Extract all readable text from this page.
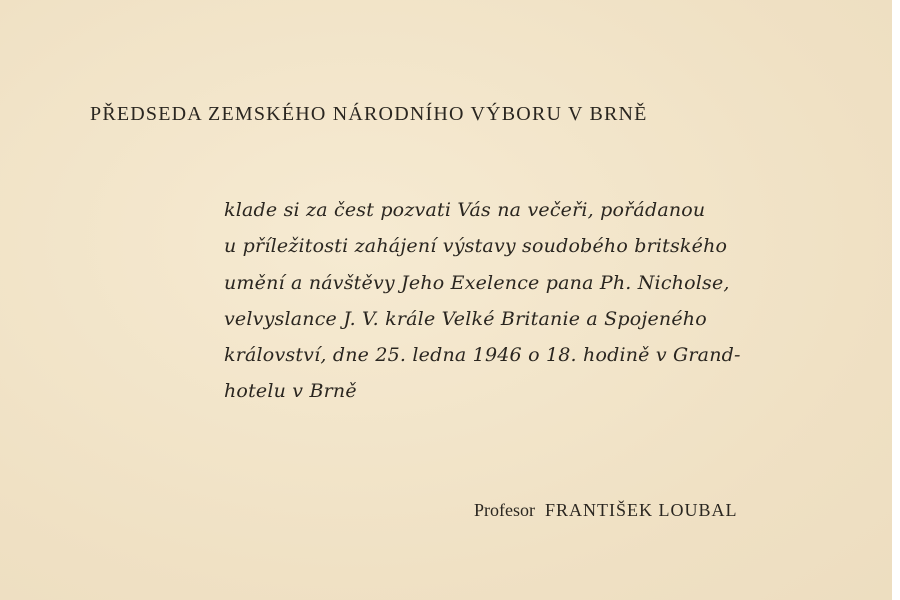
PŘEDSEDA ZEMSKÉHO NÁRODNÍHO VÝBORU V BRNĚ
klade si za čest pozvati Vás na večeři, pořádanou
u příležitosti zahájení výstavy soudobého britského
umění a návštěvy Jeho Exelence pana Ph. Nicholse,
velvyslance J. V. krále Velké Britanie a Spojeného
království, dne 25. ledna 1946 o 18. hodině v Grand-
hotelu v Brně
Profesor FRANTIŠEK LOUBAL
